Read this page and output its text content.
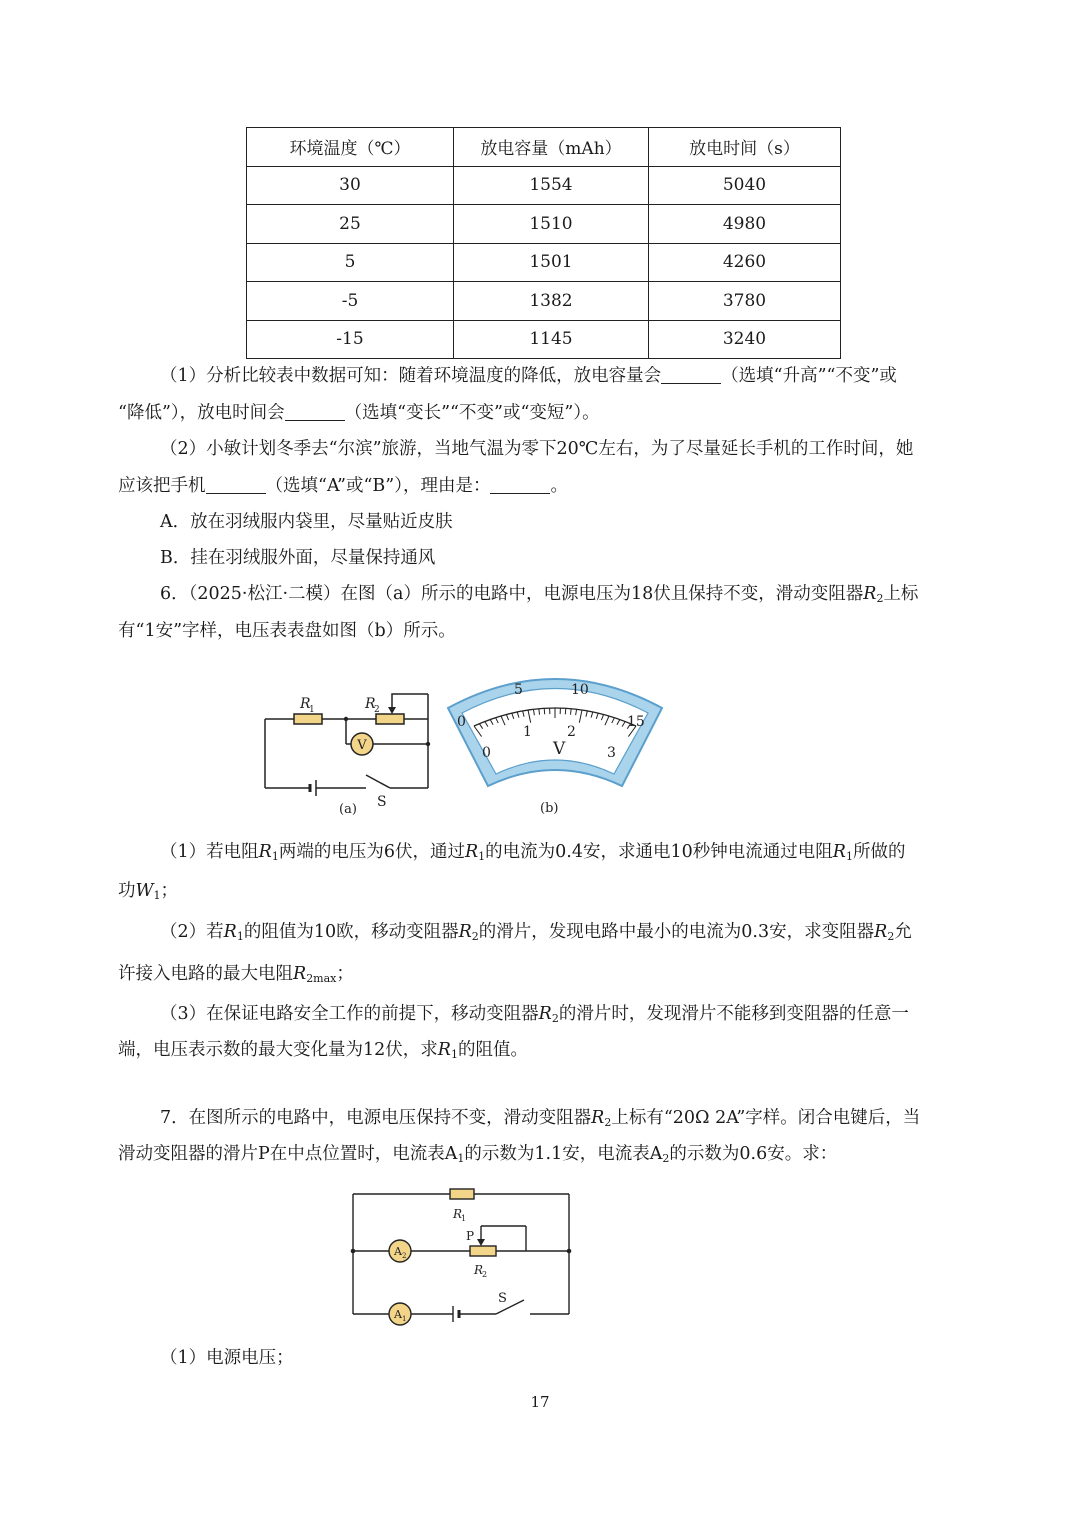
环境温度（℃）	放电容量（mAh）	放电时间（s）
30	1554	5040
25	1510	4980
5	1501	4260
-5	1382	3780
-15	1145	3240
（1）分析比较表中数据可知：随着环境温度的降低，放电容量会	（选填“升高”“不变”或
“降低”），放电时间会	（选填“变长”“不变”或“变短”）。
（2）小敏计划冬季去“尔滨”旅游，当地气温为零下20℃左右，为了尽量延长手机的工作时间，她
应该把手机	（选填“A”或“B”），理由是：	。
A．放在羽绒服内袋里，尽量贴近皮肤
B．挂在羽绒服外面，尽量保持通风
6．（2025·松江·二模）在图（a）所示的电路中，电源电压为18伏且保持不变，滑动变阻器$R_2$上标
有“1安”字样，电压表表盘如图（b）所示。
V
R
1	R
2
(a) S
0
5	10
15
0
1	2
3
V
(b)
（1）若电阻$R_1$两端的电压为6伏，通过$R_1$的电流为0.4安，求通电10秒钟电流通过电阻$R_1$所做的
功$W_1$；
（2）若$R_1$的阻值为10欧，移动变阻器$R_2$的滑片，发现电路中最小的电流为0.3安，求变阻器$R_2$允
许接入电路的最大电阻$R_{2max}$；
（3）在保证电路安全工作的前提下，移动变阻器$R_2$的滑片时，发现滑片不能移到变阻器的任意一
端，电压表示数的最大变化量为12伏，求$R_1$的阻值。
7．在图所示的电路中，电源电压保持不变，滑动变阻器$R_2$上标有“20Ω 2A”字样。闭合电键后，当
滑动变阻器的滑片P在中点位置时，电流表$A_1$的示数为1.1安，电流表$A_2$的示数为0.6安。求：
A 2
A 1
R
1
P
R
2
S
（1）电源电压；
17
